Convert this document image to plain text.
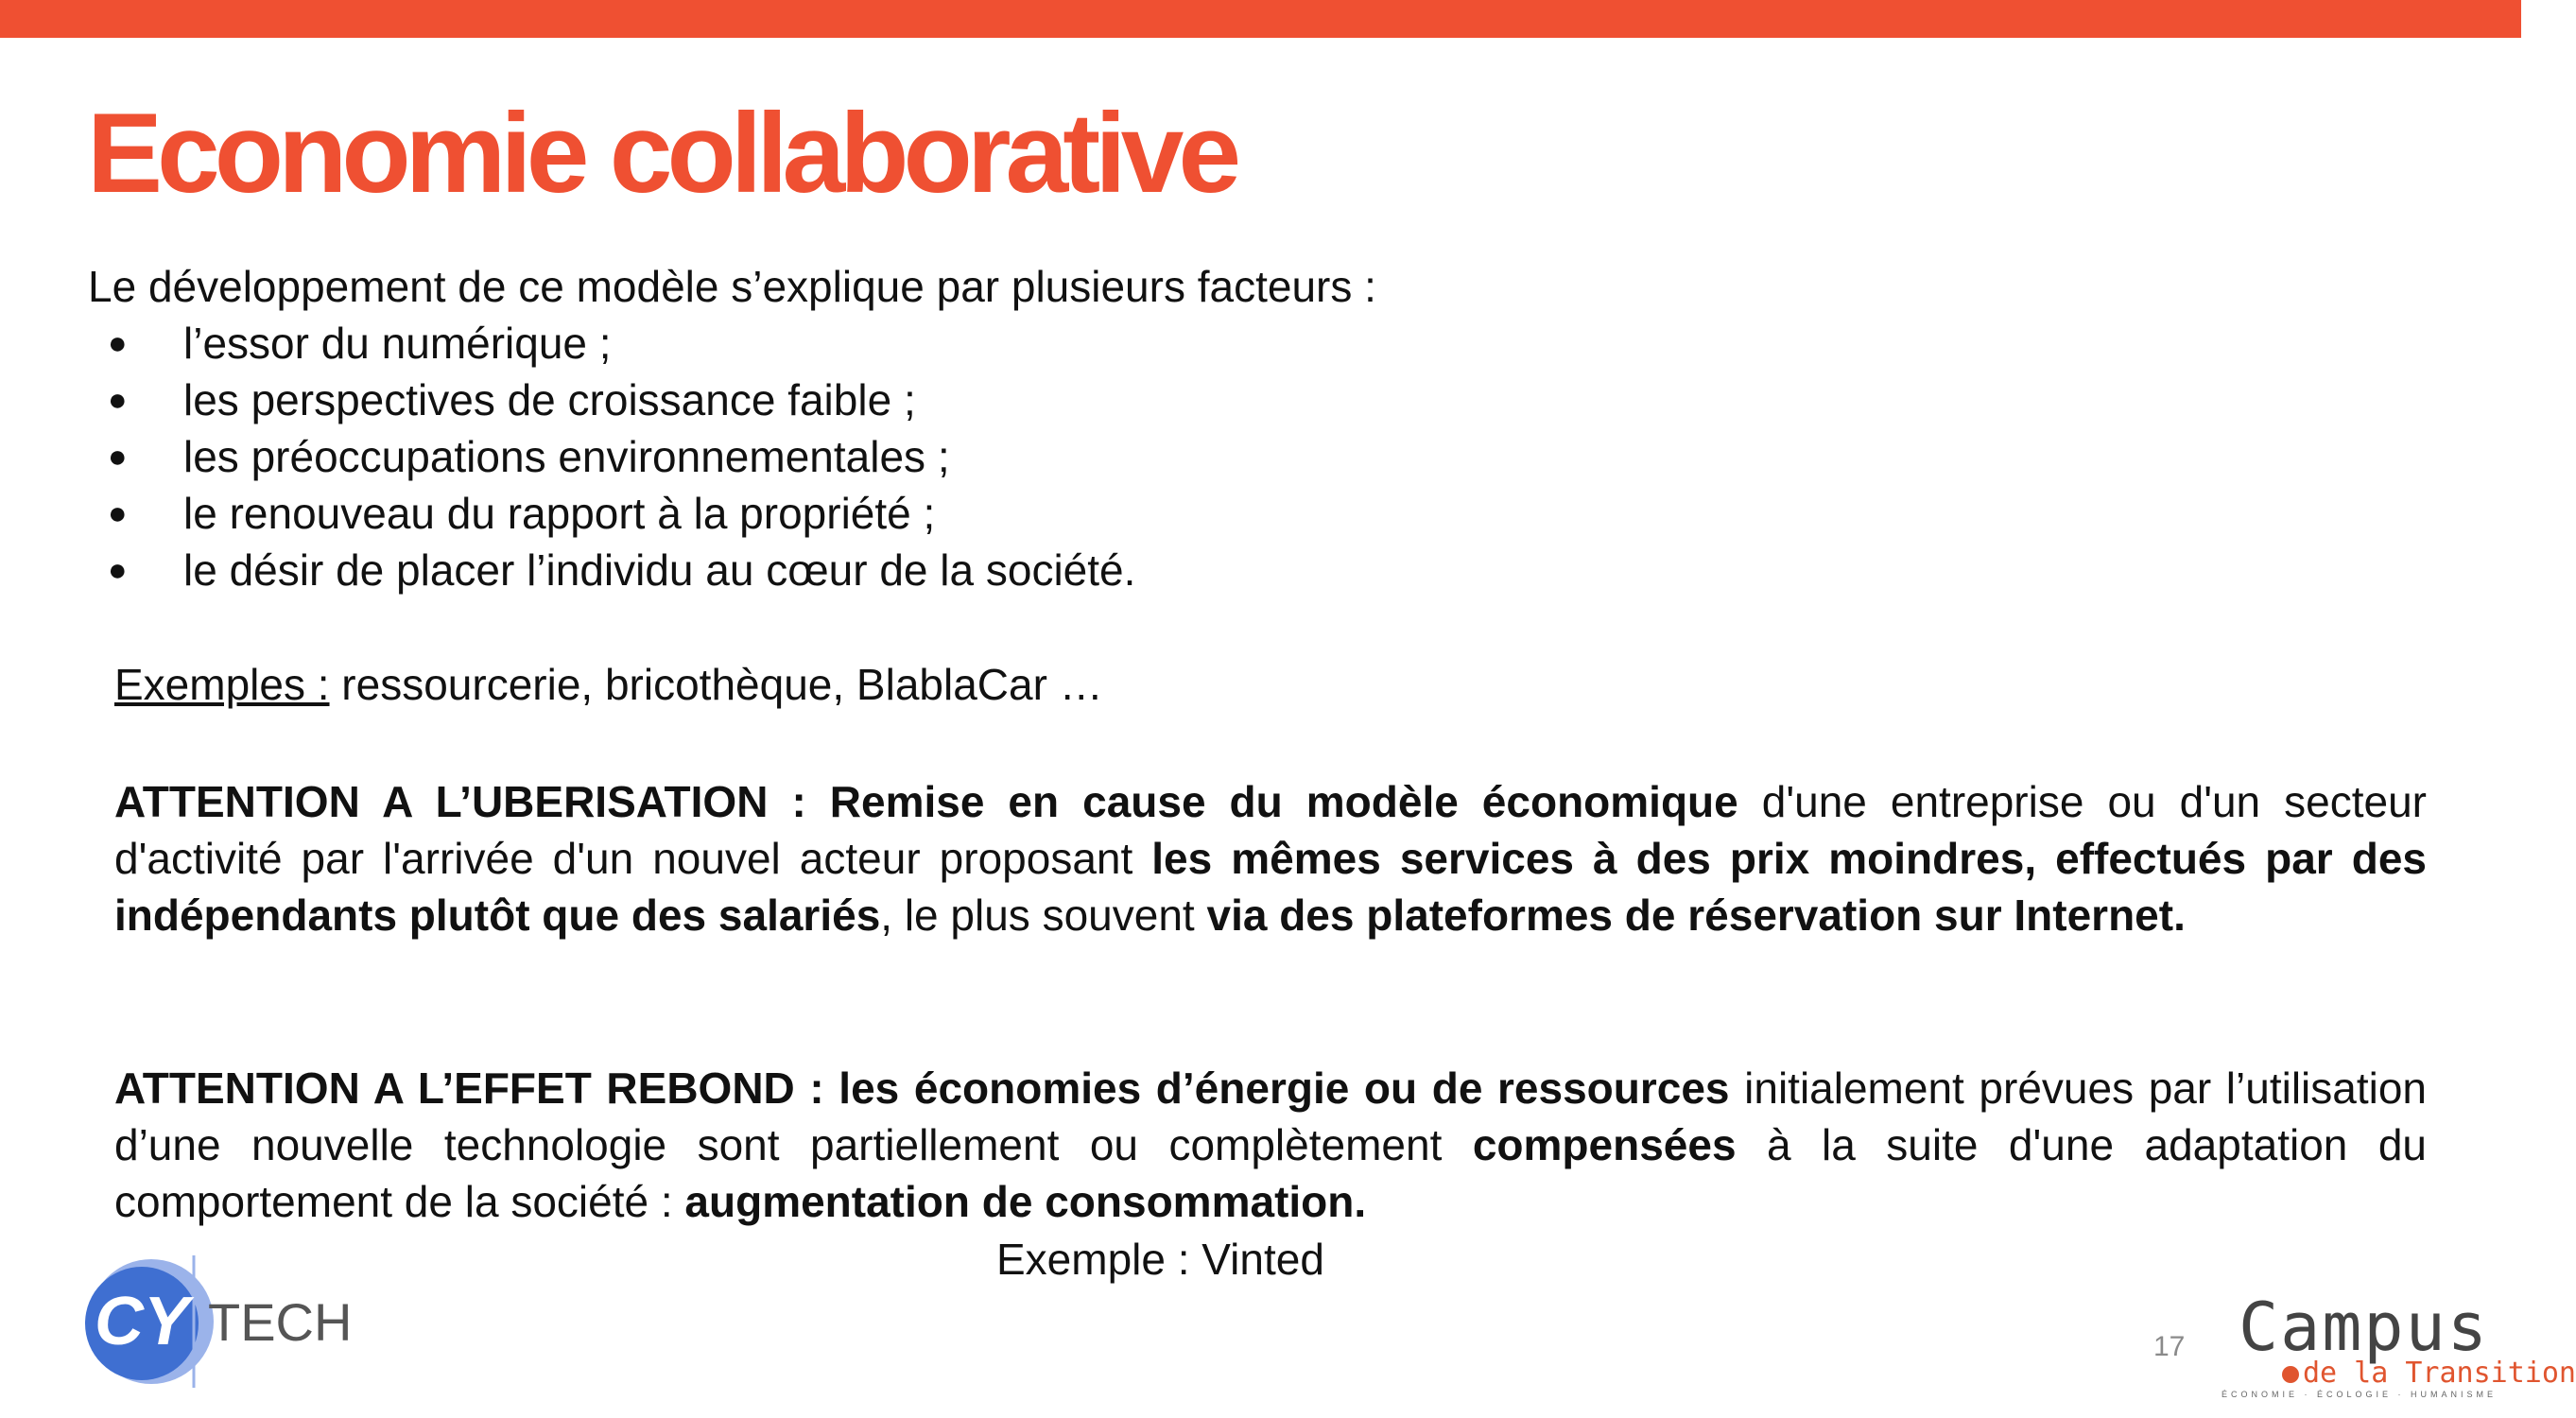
Economie collaborative
Le développement de ce modèle s’explique par plusieurs facteurs :
● l’essor du numérique ;
● les perspectives de croissance faible ;
● les préoccupations environnementales ;
● le renouveau du rapport à la propriété ;
● le désir de placer l’individu au cœur de la société.
Exemples : ressourcerie, bricothèque, BlablaCar …

ATTENTION A L’UBERISATION : Remise en cause du modèle économique d'une entreprise ou d'un secteur d'activité par l'arrivée d'un nouvel acteur proposant les mêmes services à des prix moindres, effectués par des indépendants plutôt que des salariés, le plus souvent via des plateformes de réservation sur Internet.

ATTENTION A L’EFFET REBOND : les économies d’énergie ou de ressources initialement prévues par l’utilisation d’une nouvelle technologie sont partiellement ou complètement compensées à la suite d'une adaptation du comportement de la société : augmentation de consommation.

Exemple : Vinted
CY TECH	17 Campus
de la Transition
ÉCONOMIE · ÉCOLOGIE · HUMANISME
